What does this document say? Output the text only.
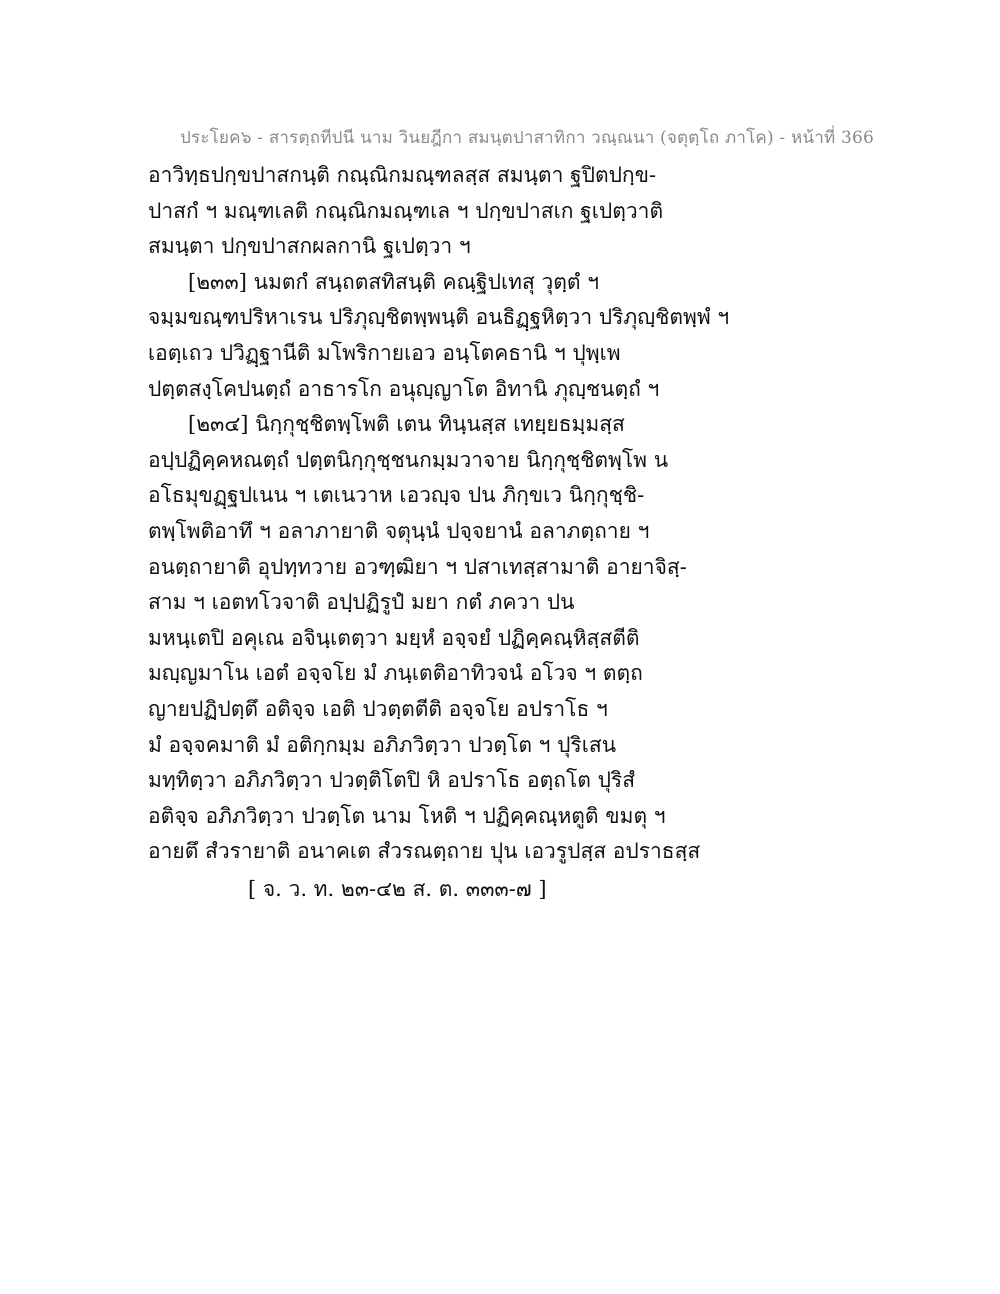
ประโยค๖ - สารตฺถทีปนี นาม วินยฎีกา สมนฺตปาสาทิกา วณฺณนา (จตุตฺโถ ภาโค) - หน้าที่ 366
อาวิทฺธปกฺขปาสกนฺติ กณฺณิกมณฺฑลสฺส สมนฺตา ฐปิตปกฺข-
ปาสกํ ฯ มณฺฑเลติ กณฺณิกมณฺฑเล ฯ ปกฺขปาสเก ฐเปตฺวาติ
สมนฺตา ปกฺขปาสกผลกานิ ฐเปตฺวา ฯ
[๒๓๓] นมตกํ สนฺถตสทิสนฺติ คณฺฐิปเทสุ วุตฺตํ ฯ
จมฺมขณฺฑปริหาเรน ปริภุญฺชิตพฺพนฺติ อนธิฏฺฐหิตฺวา ปริภุญฺชิตพฺพํ ฯ
เอตฺเถว ปวิฏฺฐานีติ มโพริกายเอว อนฺโตคธานิ ฯ ปุพฺเพ
ปตฺตสงฺโคปนตฺถํ อาธารโก อนุญฺญาโต อิทานิ ภุญฺชนตฺถํ ฯ
[๒๓๔] นิกฺกุชฺชิตพฺโพติ เตน ทินฺนสฺส เทยฺยธมฺมสฺส
อปฺปฏิคฺคหณตฺถํ ปตฺตนิกฺกุชฺชนกมฺมวาจาย นิกฺกุชฺชิตพฺโพ น
อโธมุขฏฺฐปเนน ฯ เตเนวาห เอวญฺจ ปน ภิกฺขเว นิกฺกุชฺชิ-
ตพฺโพติอาทึ ฯ อลาภายาติ จตุนฺนํ ปจฺจยานํ อลาภตฺถาย ฯ
อนตฺถายาติ อุปทฺทวาย อวฑฺฒิยา ฯ ปสาเทสฺสามาติ อายาจิสฺ-
สาม ฯ เอตทโวจาติ อปฺปฏิรูปํ มยา กตํ ภควา ปน
มหนฺเตปิ อคุเณ อจินฺเตตฺวา มยฺหํ อจฺจยํ ปฏิคฺคณฺหิสฺสตีติ
มญฺญมาโน เอตํ อจฺจโย มํ ภนฺเตติอาทิวจนํ อโวจ ฯ ตตฺถ
ญายปฏิปตฺตึ อติจฺจ เอติ ปวตฺตตีติ อจฺจโย อปราโธ ฯ
มํ อจฺจคมาติ มํ อติกฺกมฺม อภิภวิตฺวา ปวตฺโต ฯ ปุริเสน
มทฺทิตฺวา อภิภวิตฺวา ปวตฺติโตปิ หิ อปราโธ อตฺถโต ปุริสํ
อติจฺจ อภิภวิตฺวา ปวตฺโต นาม โหติ ฯ ปฏิคฺคณฺหตูติ ขมตุ ฯ
อายตึ สํวรายาติ อนาคเต สํวรณตฺถาย ปุน เอวรูปสฺส อปราธสฺส
[ จ. ว. ท. ๒๓-๔๒ ส. ต. ๓๓๓-๗ ]
